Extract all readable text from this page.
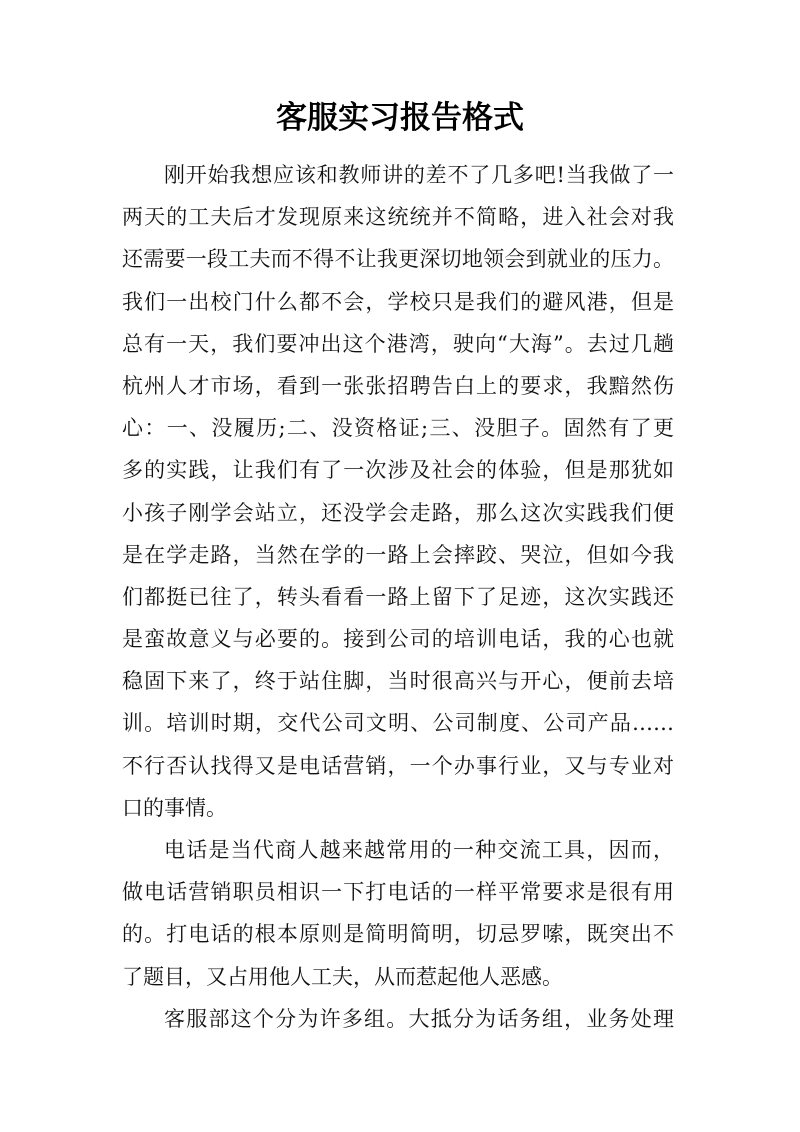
客服实习报告格式
刚开始我想应该和教师讲的差不了几多吧!当我做了一
两天的工夫后才发现原来这统统并不简略，进入社会对我
还需要一段工夫而不得不让我更深切地领会到就业的压力。
我们一出校门什么都不会，学校只是我们的避风港，但是
总有一天，我们要冲出这个港湾，驶向“大海”。去过几趟
杭州人才市场，看到一张张招聘告白上的要求，我黯然伤
心：一、没履历;二、没资格证;三、没胆子。固然有了更
多的实践，让我们有了一次涉及社会的体验，但是那犹如
小孩子刚学会站立，还没学会走路，那么这次实践我们便
是在学走路，当然在学的一路上会摔跤、哭泣，但如今我
们都挺已往了，转头看看一路上留下了足迹，这次实践还
是蛮故意义与必要的。接到公司的培训电话，我的心也就
稳固下来了，终于站住脚，当时很高兴与开心，便前去培
训。培训时期，交代公司文明、公司制度、公司产品……
不行否认找得又是电话营销，一个办事行业，又与专业对
口的事情。
电话是当代商人越来越常用的一种交流工具，因而，
做电话营销职员相识一下打电话的一样平常要求是很有用
的。打电话的根本原则是简明简明，切忌罗嗦，既突出不
了题目，又占用他人工夫，从而惹起他人恶感。
客服部这个分为许多组。大抵分为话务组，业务处理
